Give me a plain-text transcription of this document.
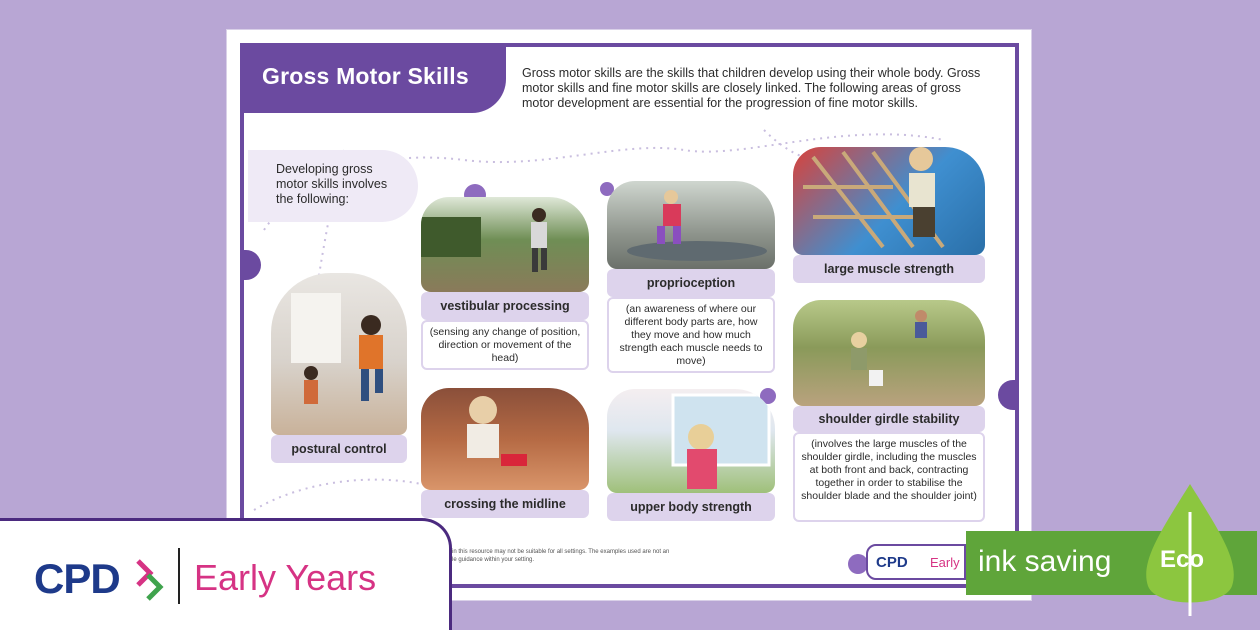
Gross Motor Skills	Gross motor skills are the skills that children develop using their whole body. Gross motor skills and fine motor skills are closely linked. The following areas of gross motor development are essential for the progression of fine motor skills.
Developing gross motor skills involves the following:
postural control
vestibular processing
(sensing any change of position, direction or movement of the head)
proprioception
(an awareness of where our different body parts are, how they move and how much strength each muscle needs to move)
large muscle strength
crossing the midline	upper body strength
shoulder girdle stability
(involves the large muscles of the shoulder girdle, including the muscles at both front and back, contracting together in order to stabilise the shoulder blade and the shoulder joint)
in this resource may not be suitable for all settings. The examples used are not an
le guidance within your setting.	CPD Early
CPD Early Years	ink saving Eco
